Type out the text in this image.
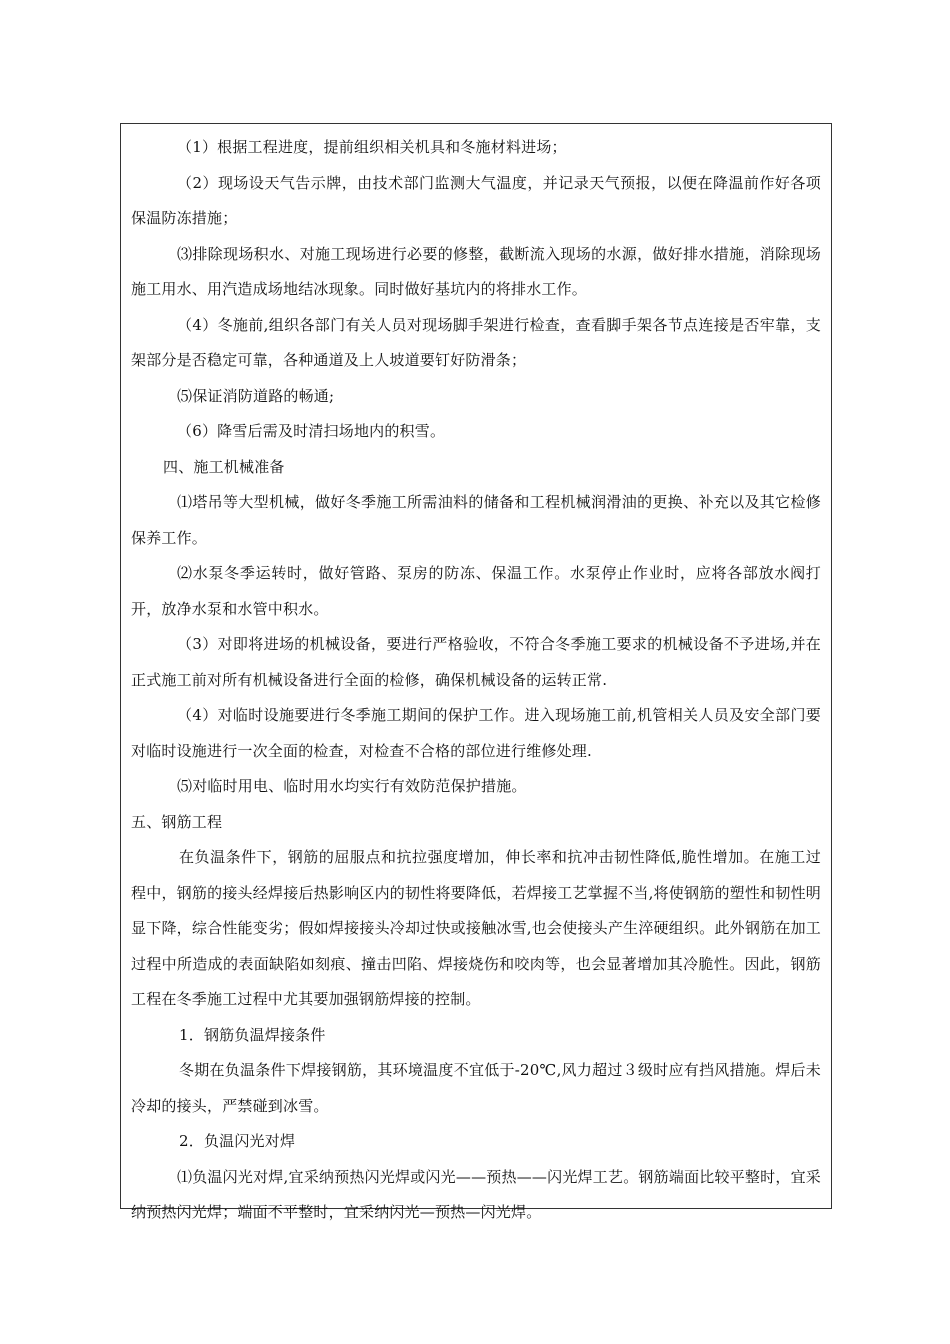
（1）根据工程进度，提前组织相关机具和冬施材料进场；

（2）现场设天气告示牌，由技术部门监测大气温度，并记录天气预报，以便在降温前作好各项保温防冻措施；

⑶排除现场积水、对施工现场进行必要的修整，截断流入现场的水源，做好排水措施，消除现场施工用水、用汽造成场地结冰现象。同时做好基坑内的将排水工作。

（4）冬施前,组织各部门有关人员对现场脚手架进行检查，查看脚手架各节点连接是否牢靠，支架部分是否稳定可靠，各种通道及上人坡道要钉好防滑条；

⑸保证消防道路的畅通;

（6）降雪后需及时清扫场地内的积雪。

四、施工机械准备

⑴塔吊等大型机械，做好冬季施工所需油料的储备和工程机械润滑油的更换、补充以及其它检修保养工作。

⑵水泵冬季运转时，做好管路、泵房的防冻、保温工作。水泵停止作业时，应将各部放水阀打开，放净水泵和水管中积水。

（3）对即将进场的机械设备，要进行严格验收，不符合冬季施工要求的机械设备不予进场,并在正式施工前对所有机械设备进行全面的检修，确保机械设备的运转正常.

（4）对临时设施要进行冬季施工期间的保护工作。进入现场施工前,机管相关人员及安全部门要对临时设施进行一次全面的检查，对检查不合格的部位进行维修处理.

⑸对临时用电、临时用水均实行有效防范保护措施。

五、钢筋工程

在负温条件下，钢筋的屈服点和抗拉强度增加，伸长率和抗冲击韧性降低,脆性增加。在施工过程中，钢筋的接头经焊接后热影响区内的韧性将要降低，若焊接工艺掌握不当,将使钢筋的塑性和韧性明显下降，综合性能变劣；假如焊接接头冷却过快或接触冰雪,也会使接头产生淬硬组织。此外钢筋在加工过程中所造成的表面缺陷如刻痕、撞击凹陷、焊接烧伤和咬肉等，也会显著增加其冷脆性。因此，钢筋工程在冬季施工过程中尤其要加强钢筋焊接的控制。

1．钢筋负温焊接条件

冬期在负温条件下焊接钢筋，其环境温度不宜低于-20℃,风力超过３级时应有挡风措施。焊后未冷却的接头，严禁碰到冰雪。

2．负温闪光对焊

⑴负温闪光对焊,宜采纳预热闪光焊或闪光——预热——闪光焊工艺。钢筋端面比较平整时，宜采纳预热闪光焊；端面不平整时，宜采纳闪光—预热—闪光焊。
